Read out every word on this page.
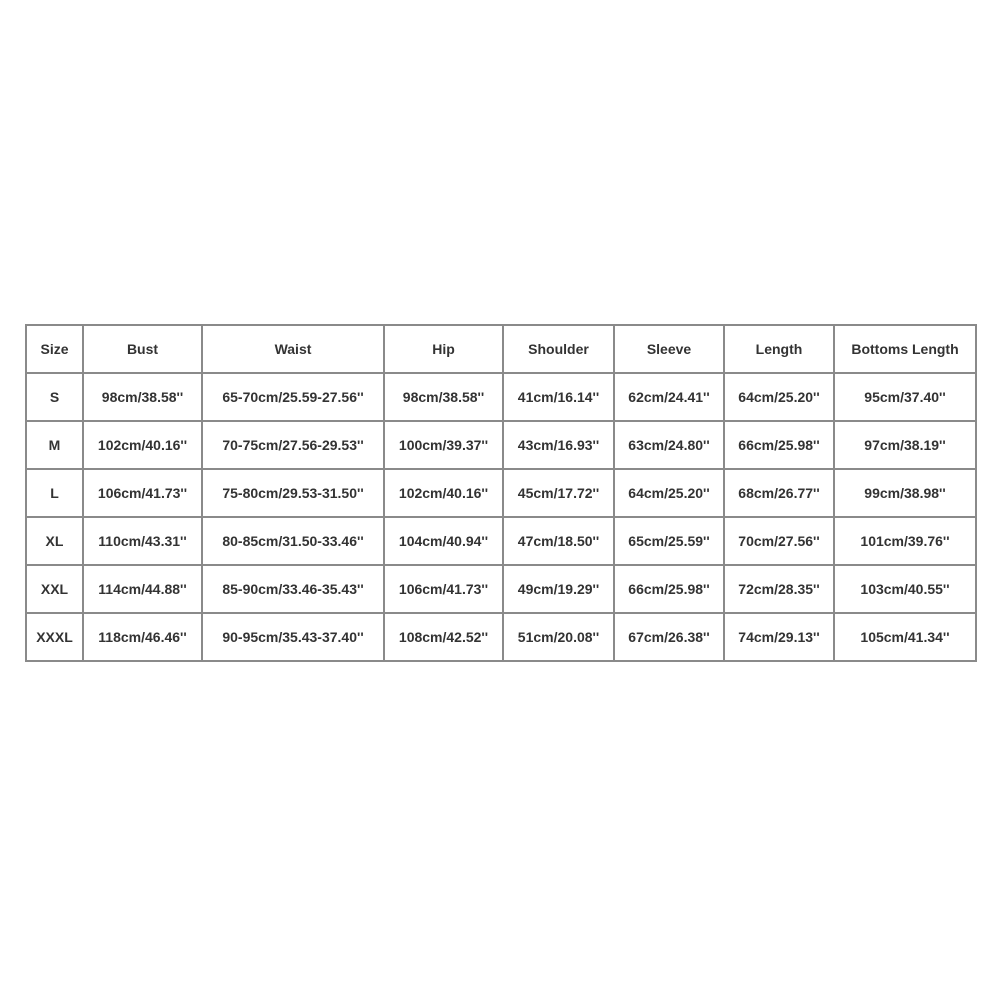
Size	Bust	Waist	Hip	Shoulder	Sleeve	Length	Bottoms Length
S	98cm/38.58''	65-70cm/25.59-27.56''	98cm/38.58''	41cm/16.14''	62cm/24.41''	64cm/25.20''	95cm/37.40''
M	102cm/40.16''	70-75cm/27.56-29.53''	100cm/39.37''	43cm/16.93''	63cm/24.80''	66cm/25.98''	97cm/38.19''
L	106cm/41.73''	75-80cm/29.53-31.50''	102cm/40.16''	45cm/17.72''	64cm/25.20''	68cm/26.77''	99cm/38.98''
XL	110cm/43.31''	80-85cm/31.50-33.46''	104cm/40.94''	47cm/18.50''	65cm/25.59''	70cm/27.56''	101cm/39.76''
XXL	114cm/44.88''	85-90cm/33.46-35.43''	106cm/41.73''	49cm/19.29''	66cm/25.98''	72cm/28.35''	103cm/40.55''
XXXL	118cm/46.46''	90-95cm/35.43-37.40''	108cm/42.52''	51cm/20.08''	67cm/26.38''	74cm/29.13''	105cm/41.34''
